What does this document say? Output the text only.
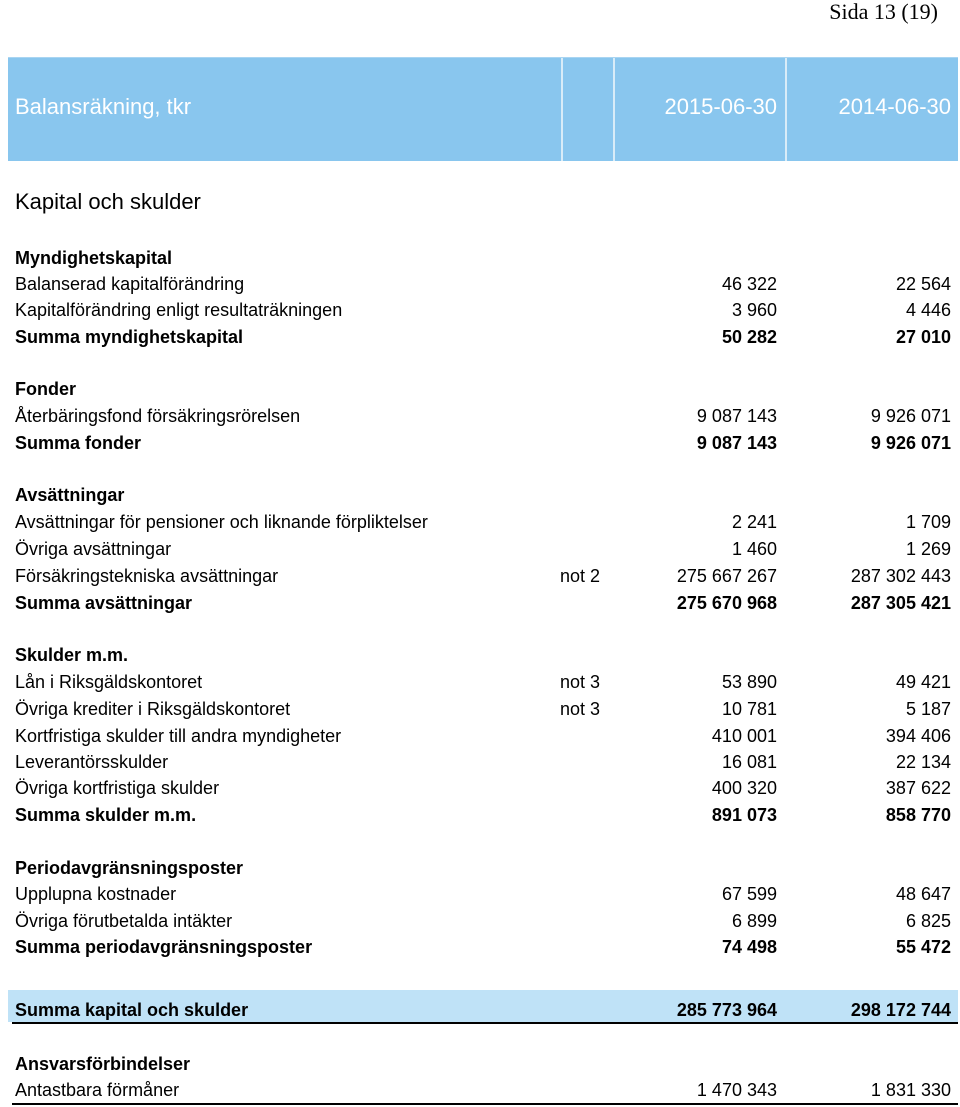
Sida 13 (19)
Balansräkning, tkr	2015-06-30	2014-06-30
Kapital och skulder
Myndighetskapital
Balanserad kapitalförändring	46 322	22 564
Kapitalförändring enligt resultaträkningen	3 960	4 446
Summa myndighetskapital	50 282	27 010
Fonder
Återbäringsfond försäkringsrörelsen	9 087 143	9 926 071
Summa fonder	9 087 143	9 926 071
Avsättningar
Avsättningar för pensioner och liknande förpliktelser	2 241	1 709
Övriga avsättningar	1 460	1 269
Försäkringstekniska avsättningar	not 2	275 667 267	287 302 443
Summa avsättningar	275 670 968	287 305 421
Skulder m.m.
Lån i Riksgäldskontoret	not 3	53 890	49 421
Övriga krediter i Riksgäldskontoret	not 3	10 781	5 187
Kortfristiga skulder till andra myndigheter	410 001	394 406
Leverantörsskulder	16 081	22 134
Övriga kortfristiga skulder	400 320	387 622
Summa skulder m.m.	891 073	858 770
Periodavgränsningsposter
Upplupna kostnader	67 599	48 647
Övriga förutbetalda intäkter	6 899	6 825
Summa periodavgränsningsposter	74 498	55 472
Summa kapital och skulder	285 773 964	298 172 744
Ansvarsförbindelser
Antastbara förmåner	1 470 343	1 831 330
